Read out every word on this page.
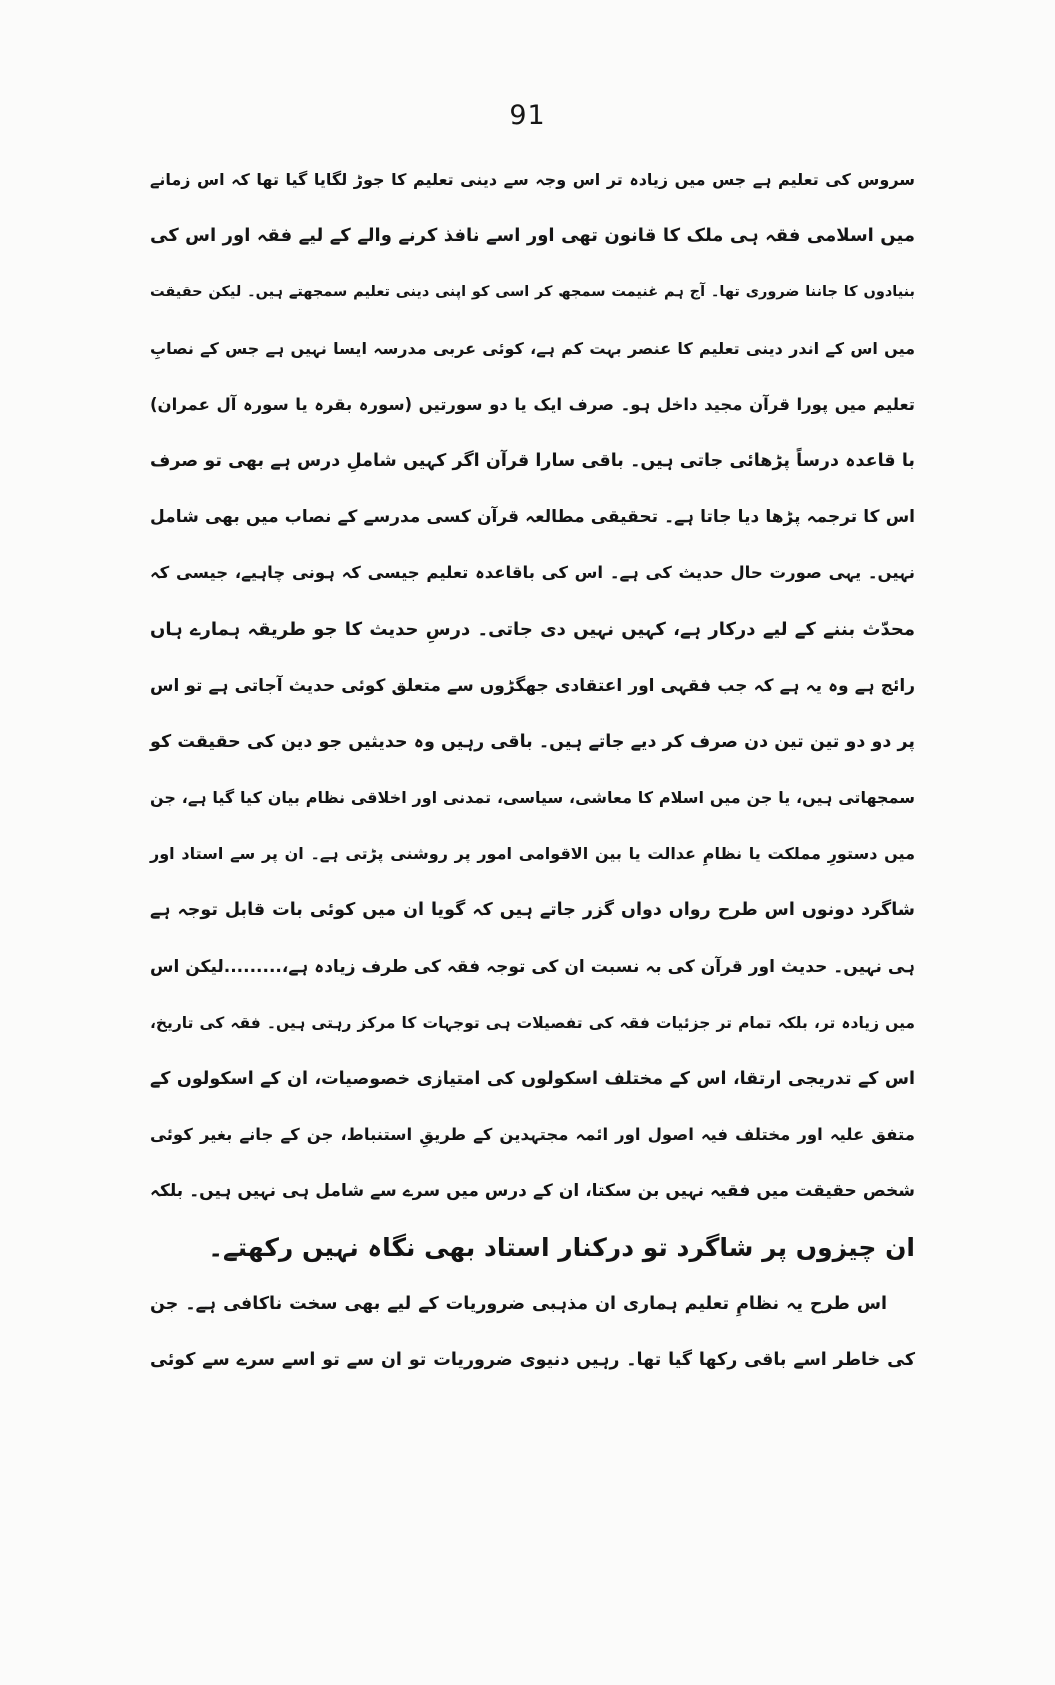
91
سروس کی تعلیم ہے جس میں زیادہ تر اس وجہ سے دینی تعلیم کا جوڑ لگایا گیا تھا کہ اس زمانے
میں اسلامی فقہ ہی ملک کا قانون تھی اور اسے نافذ کرنے والے کے لیے فقہ اور اس کی
بنیادوں کا جاننا ضروری تھا۔ آج ہم غنیمت سمجھ کر اسی کو اپنی دینی تعلیم سمجھتے ہیں۔ لیکن حقیقت
میں اس کے اندر دینی تعلیم کا عنصر بہت کم ہے، کوئی عربی مدرسہ ایسا نہیں ہے جس کے نصابِ
تعلیم میں پورا قرآن مجید داخل ہو۔ صرف ایک یا دو سورتیں (سورہ بقرہ یا سورہ آل عمران)
با قاعدہ درساً پڑھائی جاتی ہیں۔ باقی سارا قرآن اگر کہیں شاملِ درس ہے بھی تو صرف
اس کا ترجمہ پڑھا دیا جاتا ہے۔ تحقیقی مطالعہ قرآن کسی مدرسے کے نصاب میں بھی شامل
نہیں۔ یہی صورت حال حدیث کی ہے۔ اس کی باقاعدہ تعلیم جیسی کہ ہونی چاہیے، جیسی کہ
محدّث بننے کے لیے درکار ہے، کہیں نہیں دی جاتی۔ درسِ حدیث کا جو طریقہ ہمارے ہاں
رائج ہے وہ یہ ہے کہ جب فقہی اور اعتقادی جھگڑوں سے متعلق کوئی حدیث آجاتی ہے تو اس
پر دو دو تین تین دن صرف کر دیے جاتے ہیں۔ باقی رہیں وہ حدیثیں جو دین کی حقیقت کو
سمجھاتی ہیں، یا جن میں اسلام کا معاشی، سیاسی، تمدنی اور اخلاقی نظام بیان کیا گیا ہے، جن
میں دستورِ مملکت یا نظامِ عدالت یا بین الاقوامی امور پر روشنی پڑتی ہے۔ ان پر سے استاد اور
شاگرد دونوں اس طرح رواں دواں گزر جاتے ہیں کہ گویا ان میں کوئی بات قابل توجہ ہے
ہی نہیں۔ حدیث اور قرآن کی بہ نسبت ان کی توجہ فقہ کی طرف زیادہ ہے،.........لیکن اس
میں زیادہ تر، بلکہ تمام تر جزئیات فقہ کی تفصیلات ہی توجہات کا مرکز رہتی ہیں۔ فقہ کی تاریخ،
اس کے تدریجی ارتقا، اس کے مختلف اسکولوں کی امتیازی خصوصیات، ان کے اسکولوں کے
متفق علیہ اور مختلف فیہ اصول اور ائمہ مجتہدین کے طریقِ استنباط، جن کے جانے بغیر کوئی
شخص حقیقت میں فقیہ نہیں بن سکتا، ان کے درس میں سرے سے شامل ہی نہیں ہیں۔ بلکہ
ان چیزوں پر شاگرد تو درکنار استاد بھی نگاہ نہیں رکھتے۔
اس طرح یہ نظامِ تعلیم ہماری ان مذہبی ضروریات کے لیے بھی سخت ناکافی ہے۔ جن
کی خاطر اسے باقی رکھا گیا تھا۔ رہیں دنیوی ضروریات تو ان سے تو اسے سرے سے کوئی
